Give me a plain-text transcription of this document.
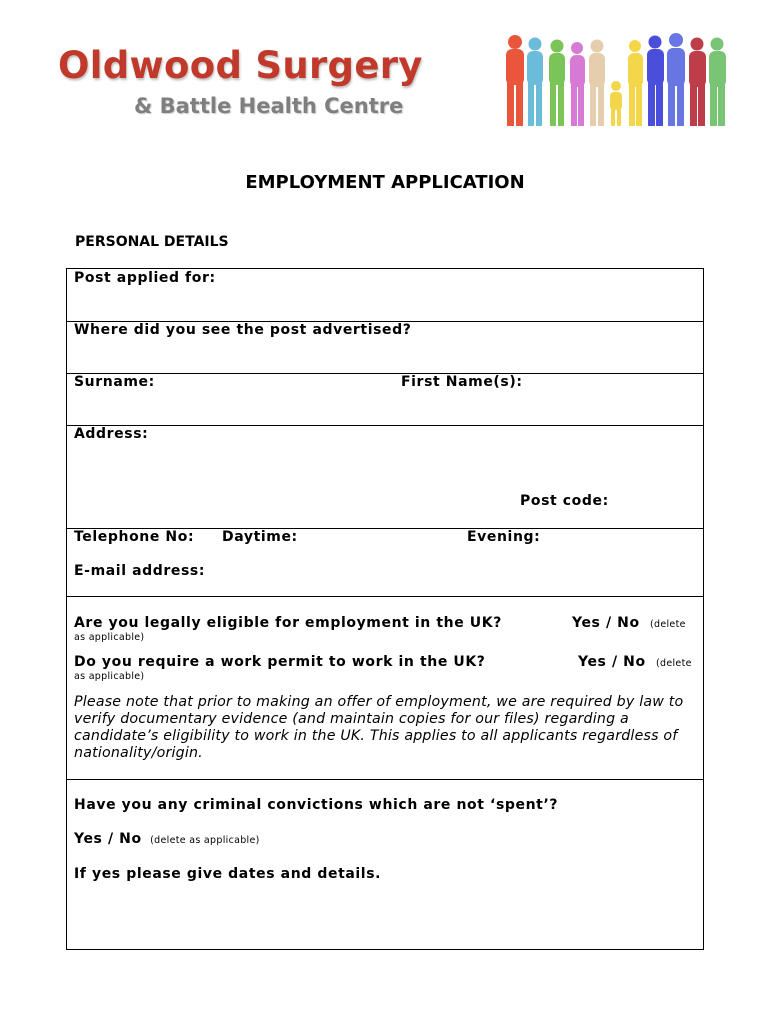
Oldwood Surgery
& Battle Health Centre
EMPLOYMENT APPLICATION
PERSONAL DETAILS
Post applied for:
Where did you see the post advertised?
Surname:	First Name(s):
Address:
Post code:
Telephone No: Daytime:	Evening:
E-mail address:
Are you legally eligible for employment in the UK?	Yes / No (delete
as applicable)
Do you require a work permit to work in the UK?	Yes / No (delete
as applicable)
Please note that prior to making an offer of employment, we are required by law to verify documentary evidence (and maintain copies for our files) regarding a candidate’s eligibility to work in the UK. This applies to all applicants regardless of nationality/origin.
Have you any criminal convictions which are not ‘spent’?
Yes / No (delete as applicable)
If yes please give dates and details.
